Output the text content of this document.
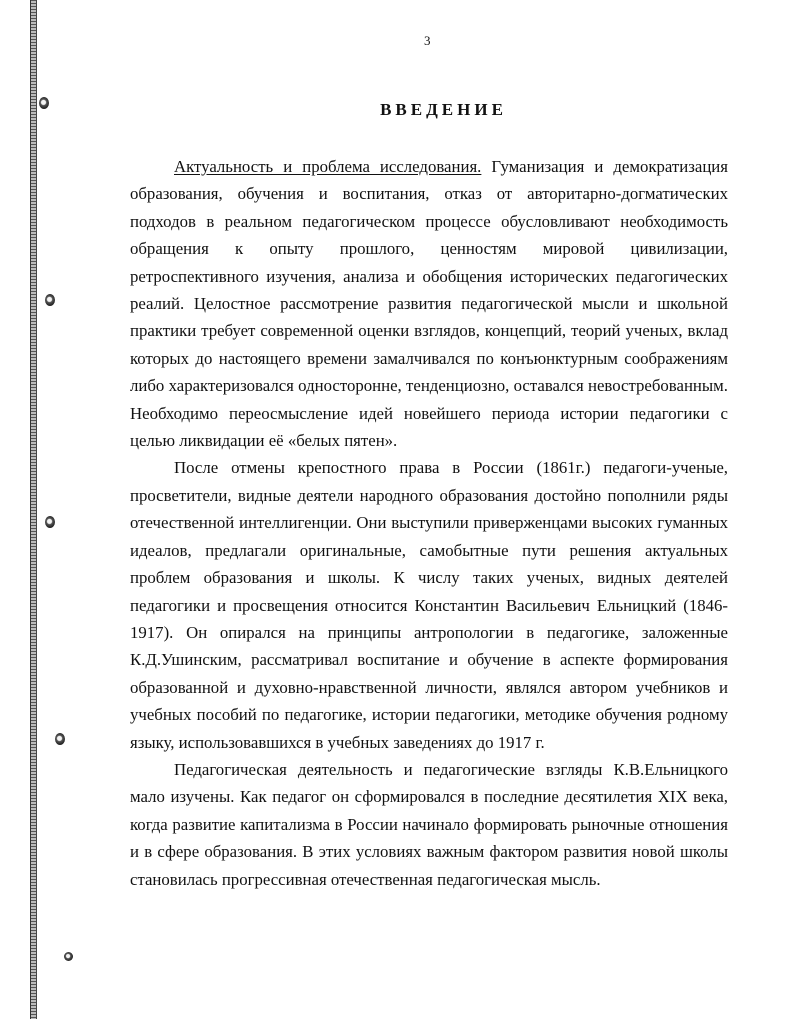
3
ВВЕДЕНИЕ

Актуальность и проблема исследования. Гуманизация и демократизация образования, обучения и воспитания, отказ от авторитарно-догматических подходов в реальном педагогическом процессе обусловливают необходимость обращения к опыту прошлого, ценностям мировой цивилизации, ретроспективного изучения, анализа и обобщения исторических педагогических реалий. Целостное рассмотрение развития педагогической мысли и школьной практики требует современной оценки взглядов, концепций, теорий ученых, вклад которых до настоящего времени замалчивался по конъюнктурным соображениям либо характеризовался односторонне, тенденциозно, оставался невостребованным. Необходимо переосмысление идей новейшего периода истории педагогики с целью ликвидации её «белых пятен».

После отмены крепостного права в России (1861г.) педагоги-ученые, просветители, видные деятели народного образования достойно пополнили ряды отечественной интеллигенции. Они выступили приверженцами высоких гуманных идеалов, предлагали оригинальные, самобытные пути решения актуальных проблем образования и школы. К числу таких ученых, видных деятелей педагогики и просвещения относится Константин Васильевич Ельницкий (1846-1917). Он опирался на принципы антропологии в педагогике, заложенные К.Д.Ушинским, рассматривал воспитание и обучение в аспекте формирования образованной и духовно-нравственной личности, являлся автором учебников и учебных пособий по педагогике, истории педагогики, методике обучения родному языку, использовавшихся в учебных заведениях до 1917 г.

Педагогическая деятельность и педагогические взгляды К.В.Ельницкого мало изучены. Как педагог он сформировался в последние десятилетия XIX века, когда развитие капитализма в России начинало формировать рыночные отношения и в сфере образования. В этих условиях важным фактором развития новой школы становилась прогрессивная отечественная педагогическая мысль.
